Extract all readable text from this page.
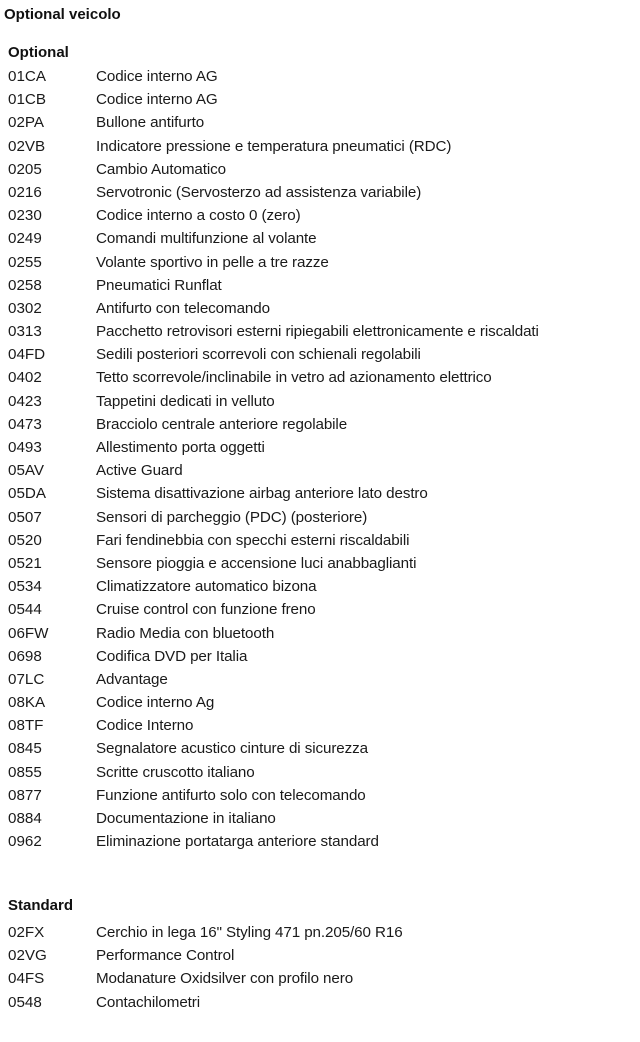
Optional veicolo
Optional
01CA	Codice interno AG
01CB	Codice interno AG
02PA	Bullone antifurto
02VB	Indicatore pressione e temperatura pneumatici (RDC)
0205	Cambio Automatico
0216	Servotronic (Servosterzo ad assistenza variabile)
0230	Codice interno a costo 0 (zero)
0249	Comandi multifunzione al volante
0255	Volante sportivo in pelle a tre razze
0258	Pneumatici Runflat
0302	Antifurto con telecomando
0313	Pacchetto retrovisori esterni ripiegabili elettronicamente e riscaldati
04FD	Sedili posteriori scorrevoli con schienali regolabili
0402	Tetto scorrevole/inclinabile in vetro ad azionamento elettrico
0423	Tappetini dedicati in velluto
0473	Bracciolo centrale anteriore regolabile
0493	Allestimento porta oggetti
05AV	Active Guard
05DA	Sistema disattivazione airbag anteriore lato destro
0507	Sensori di parcheggio (PDC) (posteriore)
0520	Fari fendinebbia con specchi esterni riscaldabili
0521	Sensore pioggia e accensione luci anabbaglianti
0534	Climatizzatore automatico bizona
0544	Cruise control con funzione freno
06FW	Radio Media con bluetooth
0698	Codifica DVD per Italia
07LC	Advantage
08KA	Codice interno Ag
08TF	Codice Interno
0845	Segnalatore acustico cinture di sicurezza
0855	Scritte cruscotto italiano
0877	Funzione antifurto solo con telecomando
0884	Documentazione in italiano
0962	Eliminazione portatarga anteriore standard
Standard
02FX	Cerchio in lega 16" Styling 471 pn.205/60 R16
02VG	Performance Control
04FS	Modanature Oxidsilver con profilo nero
0548	Contachilometri
